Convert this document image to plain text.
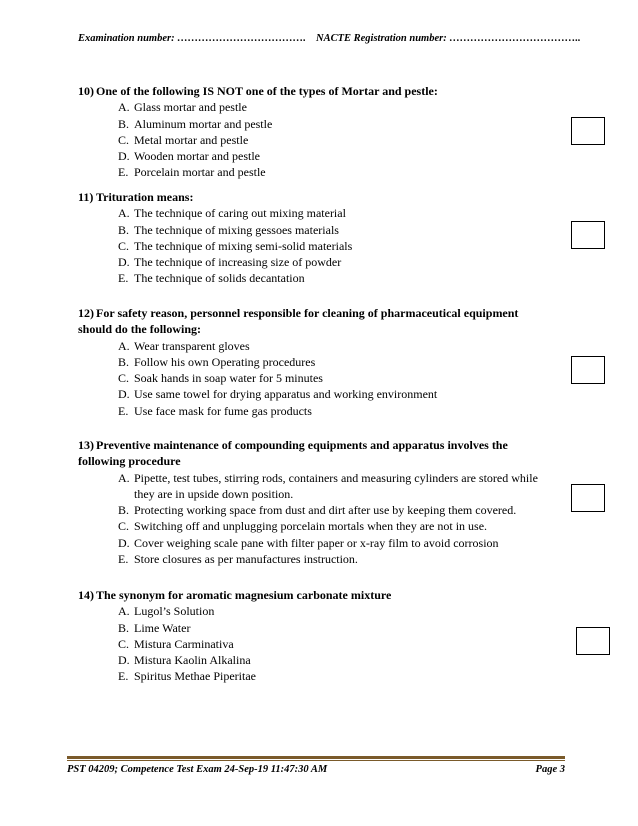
Examination number: ………………………………. NACTE Registration number: ………………………………..
10) One of the following IS NOT one of the types of Mortar and pestle:
A. Glass mortar and pestle
B. Aluminum mortar and pestle
C. Metal mortar and pestle
D. Wooden mortar and pestle
E. Porcelain mortar and pestle
11) Trituration means:
A. The technique of caring out mixing material
B. The technique of mixing gessoes materials
C. The technique of mixing semi-solid materials
D. The technique of increasing size of powder
E. The technique of solids decantation
12) For safety reason, personnel responsible for cleaning of pharmaceutical equipment
should do the following:
A. Wear transparent gloves
B. Follow his own Operating procedures
C. Soak hands in soap water for 5 minutes
D. Use same towel for drying apparatus and working environment
E. Use face mask for fume gas products
13) Preventive maintenance of compounding equipments and apparatus involves the
following procedure
A. Pipette, test tubes, stirring rods, containers and measuring cylinders are stored while they are in upside down position.
B. Protecting working space from dust and dirt after use by keeping them covered.
C. Switching off and unplugging porcelain mortals when they are not in use.
D. Cover weighing scale pane with filter paper or x-ray film to avoid corrosion
E. Store closures as per manufactures instruction.
14) The synonym for aromatic magnesium carbonate mixture
A. Lugol’s Solution
B. Lime Water
C. Mistura Carminativa
D. Mistura Kaolin Alkalina
E. Spiritus Methae Piperitae
PST 04209; Competence Test Exam 24-Sep-19 11:47:30 AM	Page 3
